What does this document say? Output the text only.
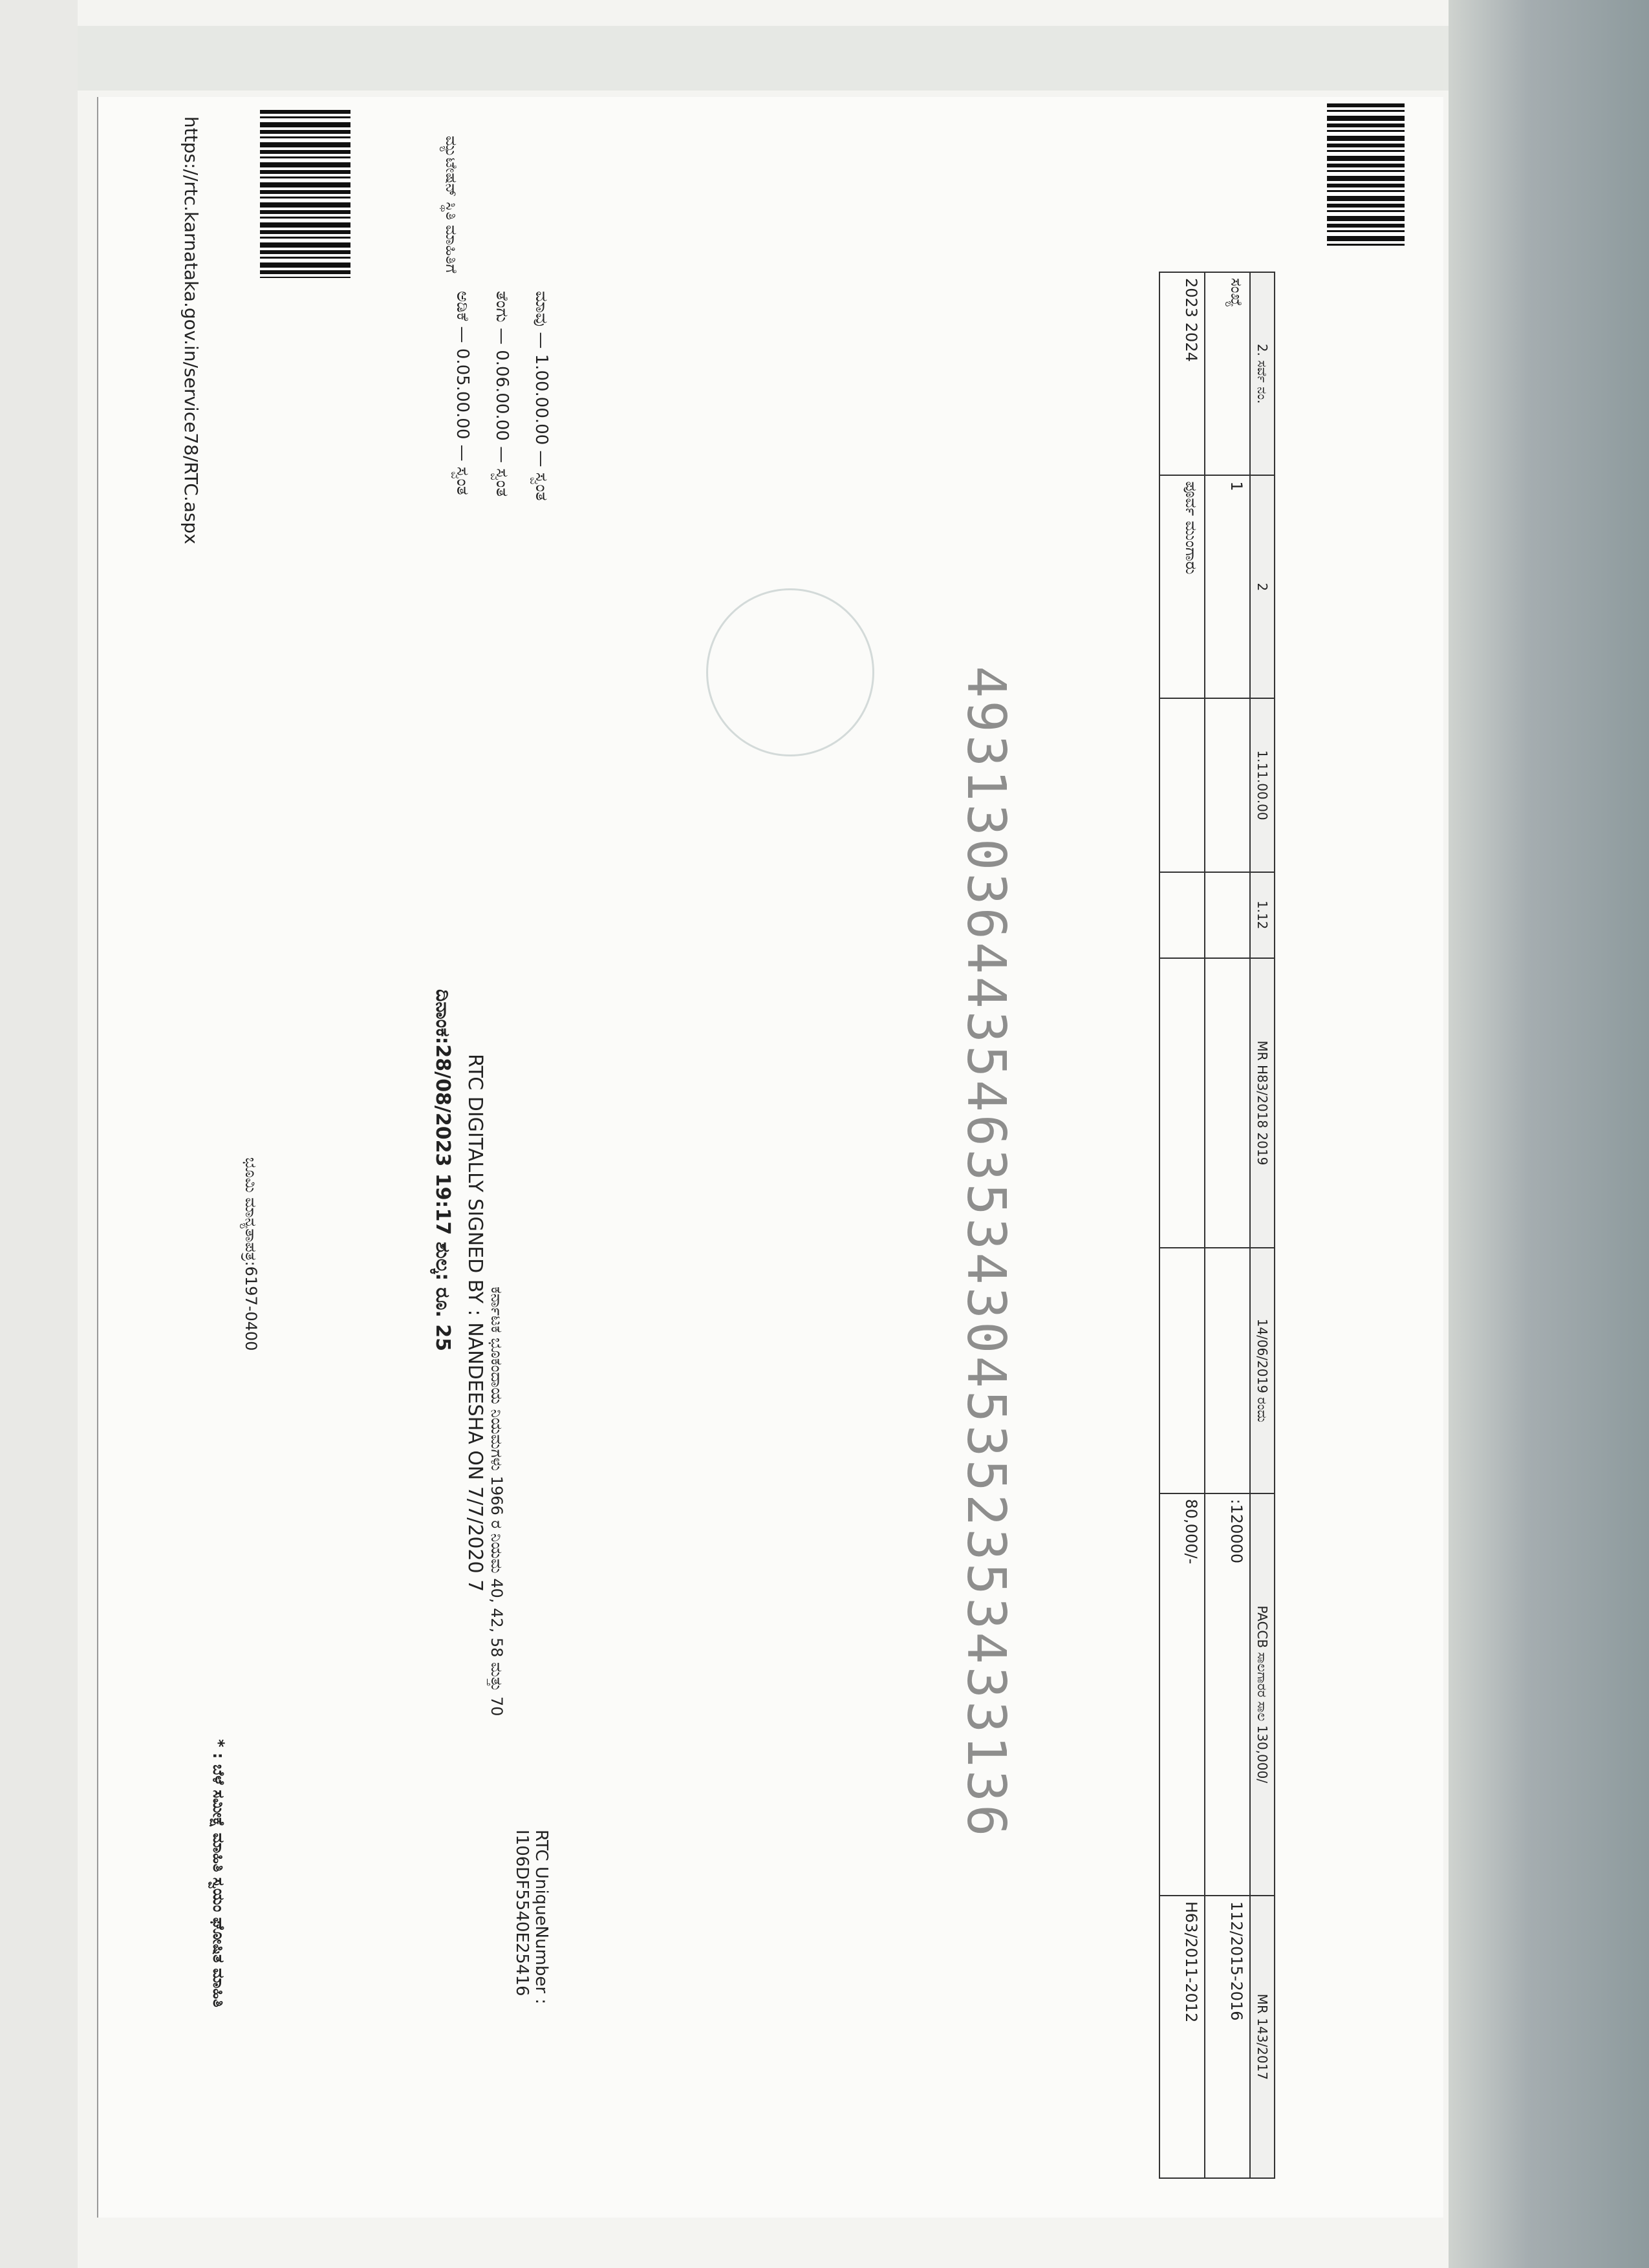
https://rtc.karnataka.gov.in/service78/RTC.aspx	2. ಸರ್ವೆ ನಂ.	2	1.11.00.00	1.12	MR H83/2018 2019	14/06/2019 ರಂದು	PACCB ಸಾಲಗಾರರ ಸಾಲ 130,000/	MR 143/2017
ಸಂಖ್ಯೆ	1					:120000	112/2015-2016
2023 2024	ಪೂರ್ವ ಮುಂಗಾರು					80,000/-	H63/2011-2012
4931303644354635343045352353433136
ಮಾವು — 1.00.00.00 — ಸ್ವಂತ
ತೆಂಗು — 0.06.00.00 — ಸ್ವಂತ
ಅಡಿಕೆ — 0.05.00.00 — ಸ್ವಂತ
ದಿನಾಂಕ:28/08/2023 19:17 ಶುಲ್ಕ: ರೂ. 25 RTC DIGITALLY SIGNED BY : NANDEESHA ON 7/7/2020 7 ಕರ್ನಾಟಕ ಭೂಕಂದಾಯ ನಿಯಮಗಳು 1966 ರ ನಿಯಮ 40, 42, 58 ಮತ್ತು 70
RTC UniqueNumber :
I106DF5540E25416
ಭೂಮಿ ಮಾನ್ಯತಾಪತ್ರ:6197-0400
* : ಬೆಳೆ ಸಮೀಕ್ಷೆ ಮಾಹಿತಿ ಸ್ವಯಂ ಘೋಷಿತ ಮಾಹಿತಿ
ಮ್ಯುಟೇಷನ್ ಸ್ಥಿತಿ ಮಾಹಿತಿಗೆ
